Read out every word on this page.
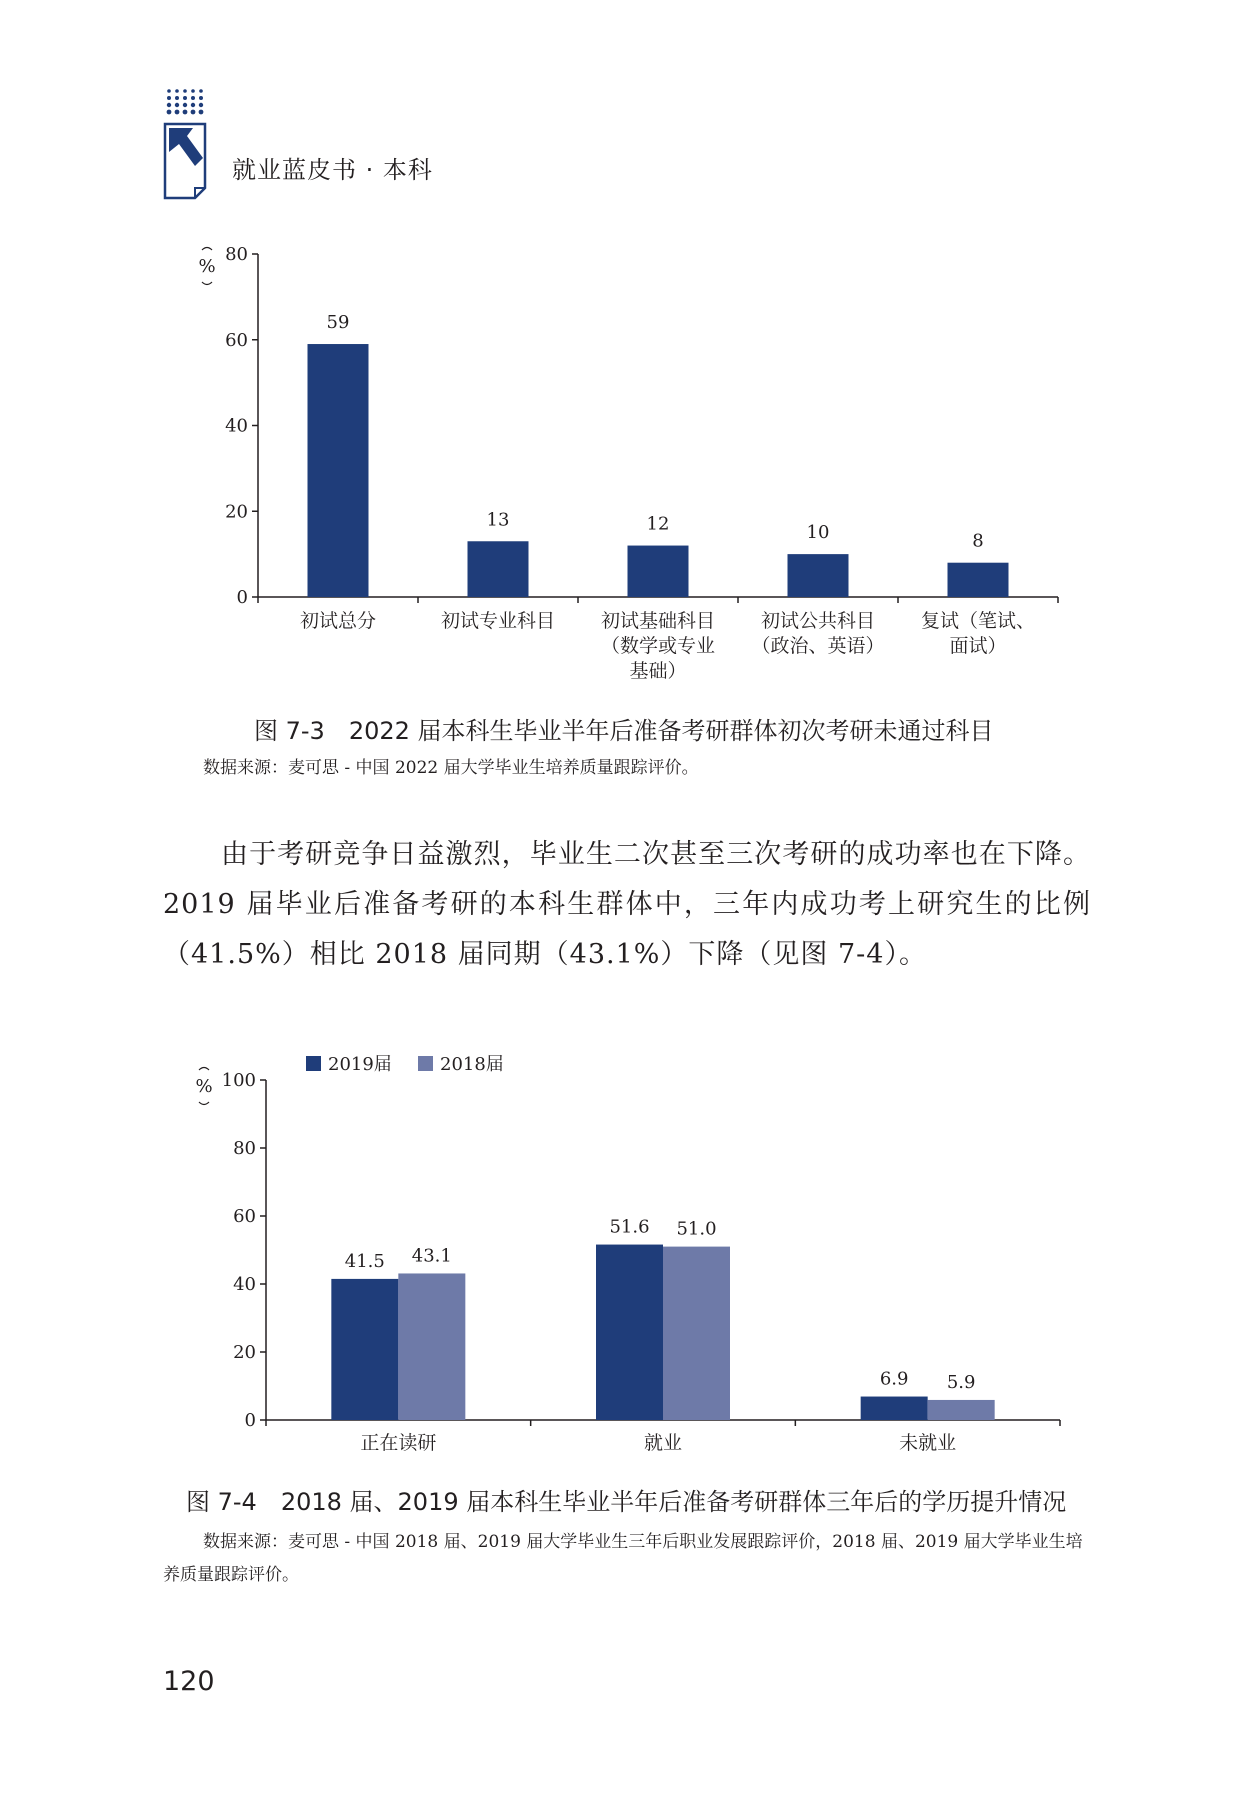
就业蓝皮书 · 本科
0
20
40
60
80
%
59
初试总分
13
初试专业科目
12
初试基础科目
（数学或专业
基础）
10
初试公共科目
（政治、英语）
8
复试（笔试、
面试）
图 7-3　2022 届本科生毕业半年后准备考研群体初次考研未通过科目
数据来源：麦可思 - 中国 2022 届大学毕业生培养质量跟踪评价。
由于考研竞争日益激烈，毕业生二次甚至三次考研的成功率也在下降。2019 届毕业后准备考研的本科生群体中，三年内成功考上研究生的比例（41.5%）相比 2018 届同期（43.1%）下降（见图 7-4）。
0
20
40
60
80
100
%
2019届	2018届
41.5 43.1
正在读研
51.6 51.0
就业
6.9 5.9
未就业
图 7-4　2018 届、2019 届本科生毕业半年后准备考研群体三年后的学历提升情况
数据来源：麦可思 - 中国 2018 届、2019 届大学毕业生三年后职业发展跟踪评价，2018 届、2019 届大学毕业生培养质量跟踪评价。
120
